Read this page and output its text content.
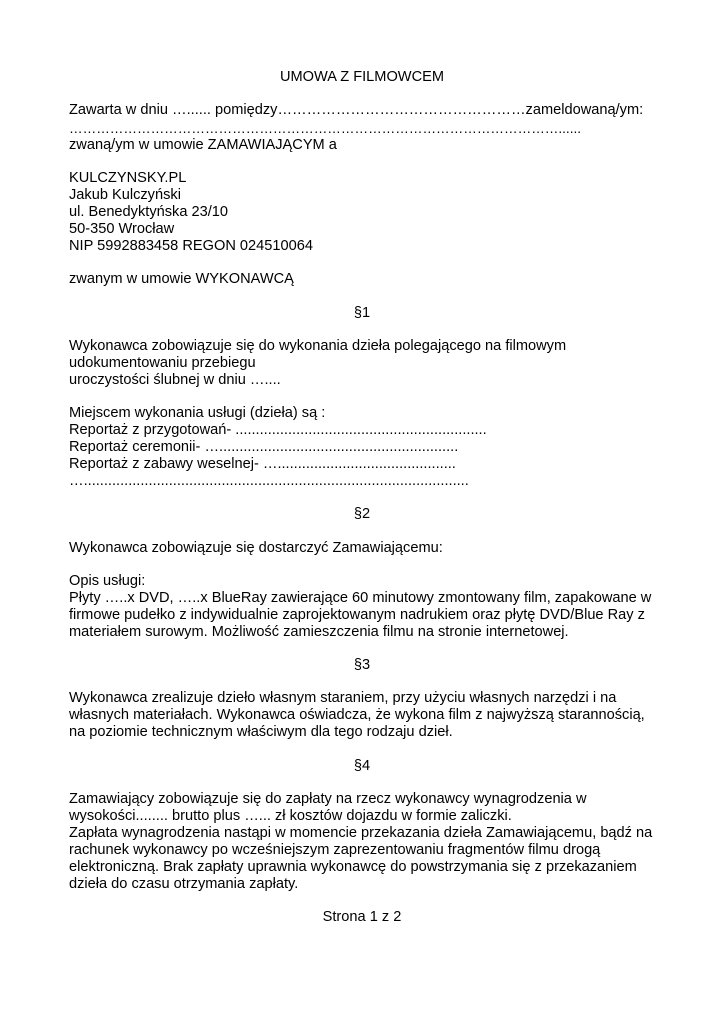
UMOWA Z FILMOWCEM
Zawarta w dniu …...... pomiędzy……………………………………………zameldowaną/ym:
………………………………………………………………………………………………......
zwaną/ym w umowie ZAMAWIAJĄCYM a
KULCZYNSKY.PL
Jakub Kulczyński
ul. Benedyktyńska 23/10
50-350 Wrocław
NIP 5992883458 REGON 024510064
zwanym w umowie WYKONAWCĄ
§1
Wykonawca zobowiązuje się do wykonania dzieła polegającego na filmowym
udokumentowaniu przebiegu
uroczystości ślubnej w dniu …....
Miejscem wykonania usługi (dzieła) są :
Reportaż z przygotowań- ..............................................................
Reportaż ceremonii- …...........................................................
Reportaż z zabawy weselnej- …............................................
…...............................................................................................
§2
Wykonawca zobowiązuje się dostarczyć Zamawiającemu:
Opis usługi:
Płyty …..x DVD, …..x BlueRay zawierające 60 minutowy zmontowany film, zapakowane w
firmowe pudełko z indywidualnie zaprojektowanym nadrukiem oraz płytę DVD/Blue Ray z
materiałem surowym. Możliwość zamieszczenia filmu na stronie internetowej.
§3
Wykonawca zrealizuje dzieło własnym staraniem, przy użyciu własnych narzędzi i na
własnych materiałach. Wykonawca oświadcza, że wykona film z najwyższą starannością,
na poziomie technicznym właściwym dla tego rodzaju dzieł.
§4
Zamawiający zobowiązuje się do zapłaty na rzecz wykonawcy wynagrodzenia w
wysokości........ brutto plus …... zł kosztów dojazdu w formie zaliczki.
Zapłata wynagrodzenia nastąpi w momencie przekazania dzieła Zamawiającemu, bądź na
rachunek wykonawcy po wcześniejszym zaprezentowaniu fragmentów filmu drogą
elektroniczną. Brak zapłaty uprawnia wykonawcę do powstrzymania się z przekazaniem
dzieła do czasu otrzymania zapłaty.
Strona 1 z 2
